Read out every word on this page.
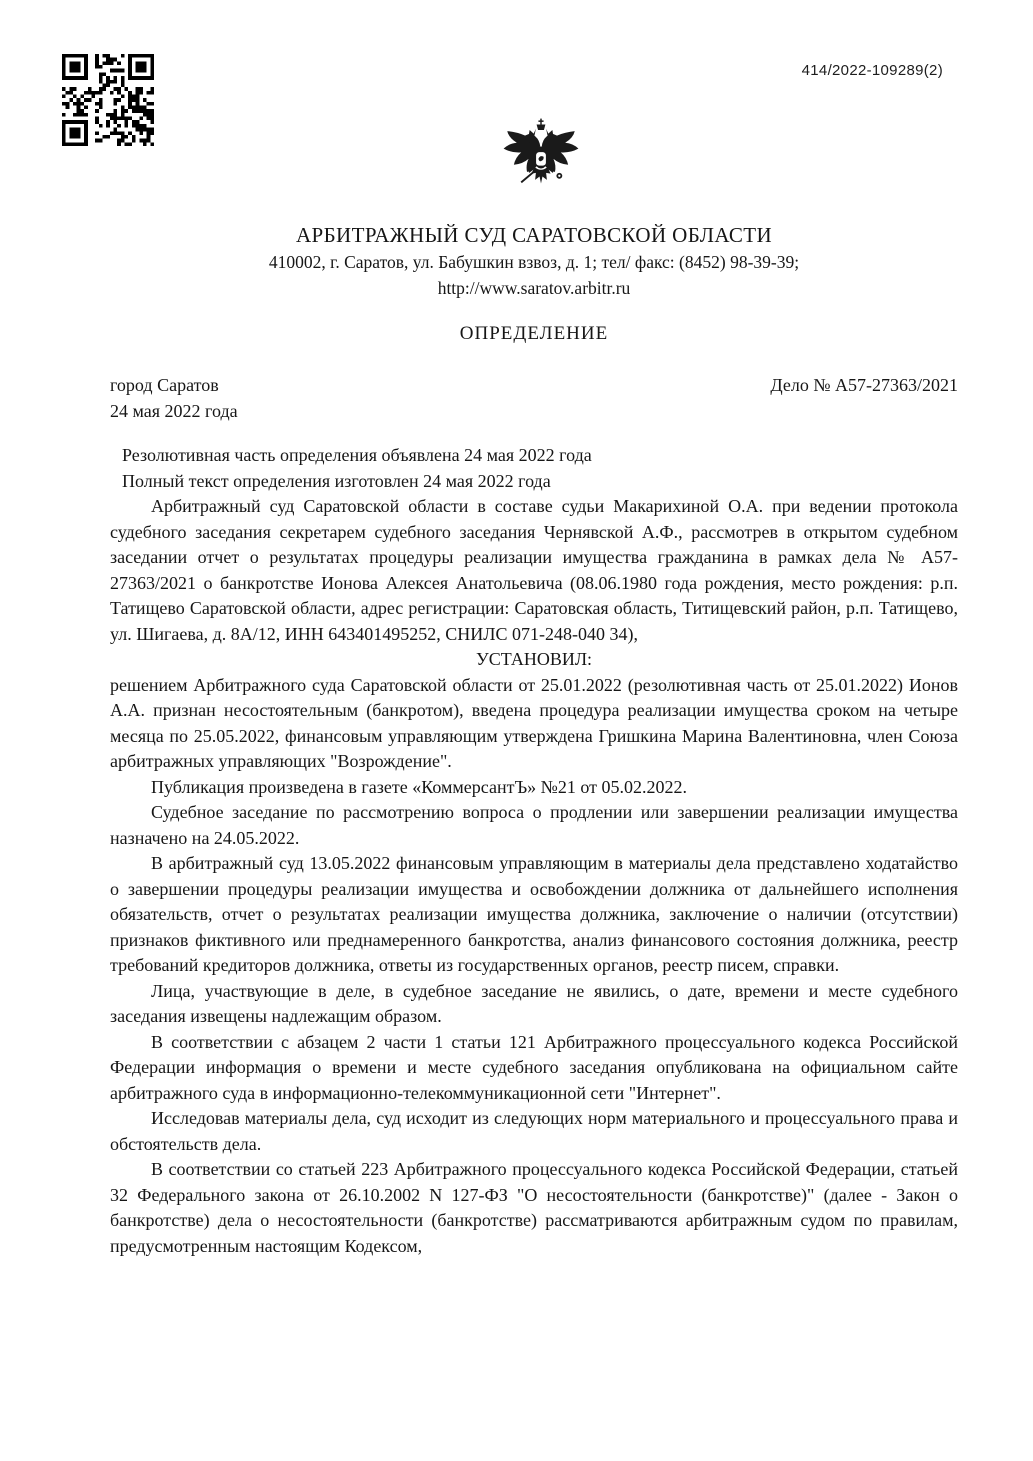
414/2022-109289(2)
АРБИТРАЖНЫЙ СУД САРАТОВСКОЙ ОБЛАСТИ
410002, г. Саратов, ул. Бабушкин взвоз, д. 1; тел/ факс: (8452) 98-39-39;
http://www.saratov.arbitr.ru
ОПРЕДЕЛЕНИЕ
город Саратов	Дело № А57-27363/2021
24 мая 2022 года

Резолютивная часть определения объявлена 24 мая 2022 года

Полный текст определения изготовлен 24 мая 2022 года

Арбитражный суд Саратовской области в составе судьи Макарихиной О.А. при ведении протокола судебного заседания секретарем судебного заседания Чернявской А.Ф., рассмотрев в открытом судебном заседании отчет о результатах процедуры реализации имущества гражданина в рамках дела № А57-27363/2021 о банкротстве Ионова Алексея Анатольевича (08.06.1980 года рождения, место рождения: р.п. Татищево Саратовской области, адрес регистрации: Саратовская область, Титищевский район, р.п. Татищево, ул. Шигаева, д. 8А/12, ИНН 643401495252, СНИЛС 071-248-040 34),

УСТАНОВИЛ:

решением Арбитражного суда Саратовской области от 25.01.2022 (резолютивная часть от 25.01.2022) Ионов А.А. признан несостоятельным (банкротом), введена процедура реализации имущества сроком на четыре месяца по 25.05.2022, финансовым управляющим утверждена Гришкина Марина Валентиновна, член Союза арбитражных управляющих "Возрождение".

Публикация произведена в газете «КоммерсантЪ» №21 от 05.02.2022.

Судебное заседание по рассмотрению вопроса о продлении или завершении реализации имущества назначено на 24.05.2022.

В арбитражный суд 13.05.2022 финансовым управляющим в материалы дела представлено ходатайство о завершении процедуры реализации имущества и освобождении должника от дальнейшего исполнения обязательств, отчет о результатах реализации имущества должника, заключение о наличии (отсутствии) признаков фиктивного или преднамеренного банкротства, анализ финансового состояния должника, реестр требований кредиторов должника, ответы из государственных органов, реестр писем, справки.

Лица, участвующие в деле, в судебное заседание не явились, о дате, времени и месте судебного заседания извещены надлежащим образом.

В соответствии с абзацем 2 части 1 статьи 121 Арбитражного процессуального кодекса Российской Федерации информация о времени и месте судебного заседания опубликована на официальном сайте арбитражного суда в информационно-телекоммуникационной сети "Интернет".

Исследовав материалы дела, суд исходит из следующих норм материального и процессуального права и обстоятельств дела.

В соответствии со статьей 223 Арбитражного процессуального кодекса Российской Федерации, статьей 32 Федерального закона от 26.10.2002 N 127-ФЗ "О несостоятельности (банкротстве)" (далее - Закон о банкротстве) дела о несостоятельности (банкротстве) рассматриваются арбитражным судом по правилам, предусмотренным настоящим Кодексом,
